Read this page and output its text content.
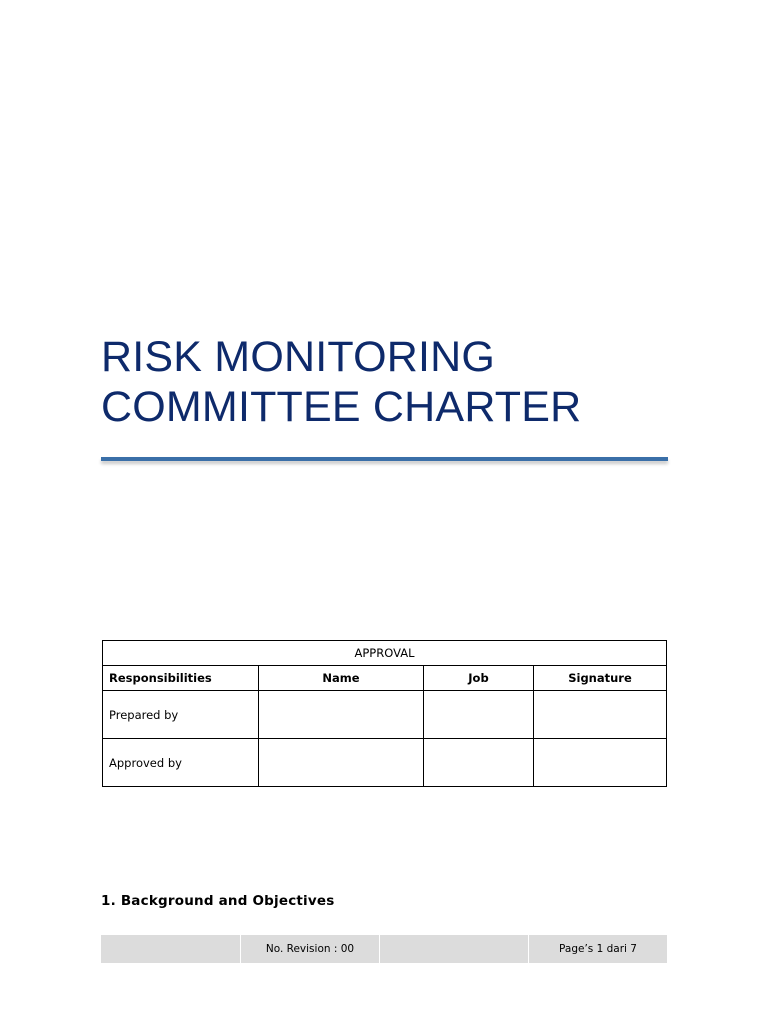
RISK MONITORING
COMMITTEE CHARTER
APPROVAL			
Responsibilities	Name	Job	Signature
Prepared by			
Approved by			
1. Background and Objectives
No. Revision : 00	Page’s 1 dari 7
